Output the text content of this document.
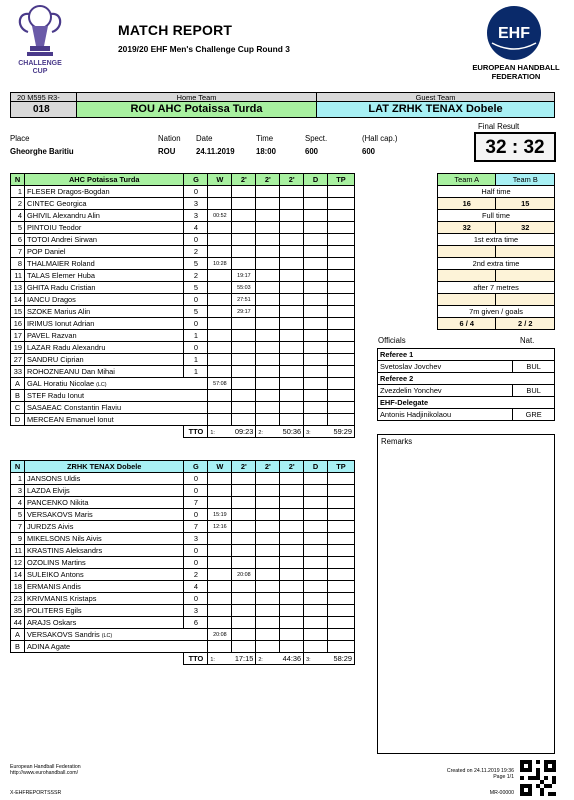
CHALLENGE
CUP
MATCH REPORT
2019/20 EHF Men's Challenge Cup Round 3
EHF
EUROPEAN HANDBALL
FEDERATION
20 M595 R3-	Home Team	Guest Team
018	ROU AHC Potaissa Turda	LAT ZRHK TENAX Dobele
Place	Nation Date	Time	Spect.	(Hall cap.)
Gheorghe Baritiu	ROU	24.11.2019	18:00	600	600
Final Result
32 : 32
N	AHC Potaissa Turda	G	W	2'	2'	2'	D	TP
1	FLESER Dragos-Bogdan	0						
2	CINTEC Georgica	3						
4	GHIVIL Alexandru Alin	3	00:52					
5	PINTOIU Teodor	4						
6	TOTOI Andrei Sirwan	0						
7	POP Daniel	2						
8	THALMAIER Roland	5	10:28					
11	TALAS Elemer Huba	2		19:17				
13	GHITA Radu Cristian	5		55:03				
14	IANCU Dragos	0		27:51				
15	SZOKE Marius Alin	5		29:17				
16	IRIMUS Ionut Adrian	0						
17	PAVEL Razvan	1						
19	LAZAR Radu Alexandru	0						
27	SANDRU Ciprian	1						
33	ROHOZNEANU Dan Mihai	1						
A	GAL Horatiu Nicolae (LC)		57:08					
B	STEF Radu Ionut							
C	SASAEAC Constantin Flaviu							
D	MERCEAN Emanuel Ionut							
		TTO	1: 09:23		2: 50:36		3: 59:29	
N	ZRHK TENAX Dobele	G	W	2'	2'	2'	D	TP
1	JANSONS Uldis	0						
3	LAZDA Elvijs	0						
4	PANCENKO Nikita	7						
5	VERSAKOVS Maris	0	15:19					
7	JURDZS Aivis	7	12:16					
9	MIKELSONS Nils Aivis	3						
11	KRASTINS Aleksandrs	0						
12	OZOLINS Martins	0						
14	SULEIKO Antons	2		20:08				
18	ERMANIS Andis	4						
23	KRIVMANIS Kristaps	0						
35	POLITERS Egils	3						
44	ARAJS Oskars	6						
A	VERSAKOVS Sandris (LC)		20:08					
B	ADINA Agate							
		TTO	1: 17:15		2: 44:36		3: 58:29	
Team A	Team B
Half time	
16	15
Full time	
32	32
1st extra time	

2nd extra time	

after 7 metres	

7m given / goals	
6 / 4	2 / 2
Officials	Nat.
Referee 1	
Svetoslav Jovchev	BUL
Referee 2	
Zvezdelin Yonchev	BUL
EHF-Delegate	
Antonis Hadjinikolaou	GRE
Remarks
European Handball Federation
http://www.eurohandball.com/
X-EHFREPORTSSSR
Created on 24.11.2019 19:36
Page 1/1
MR-00000
